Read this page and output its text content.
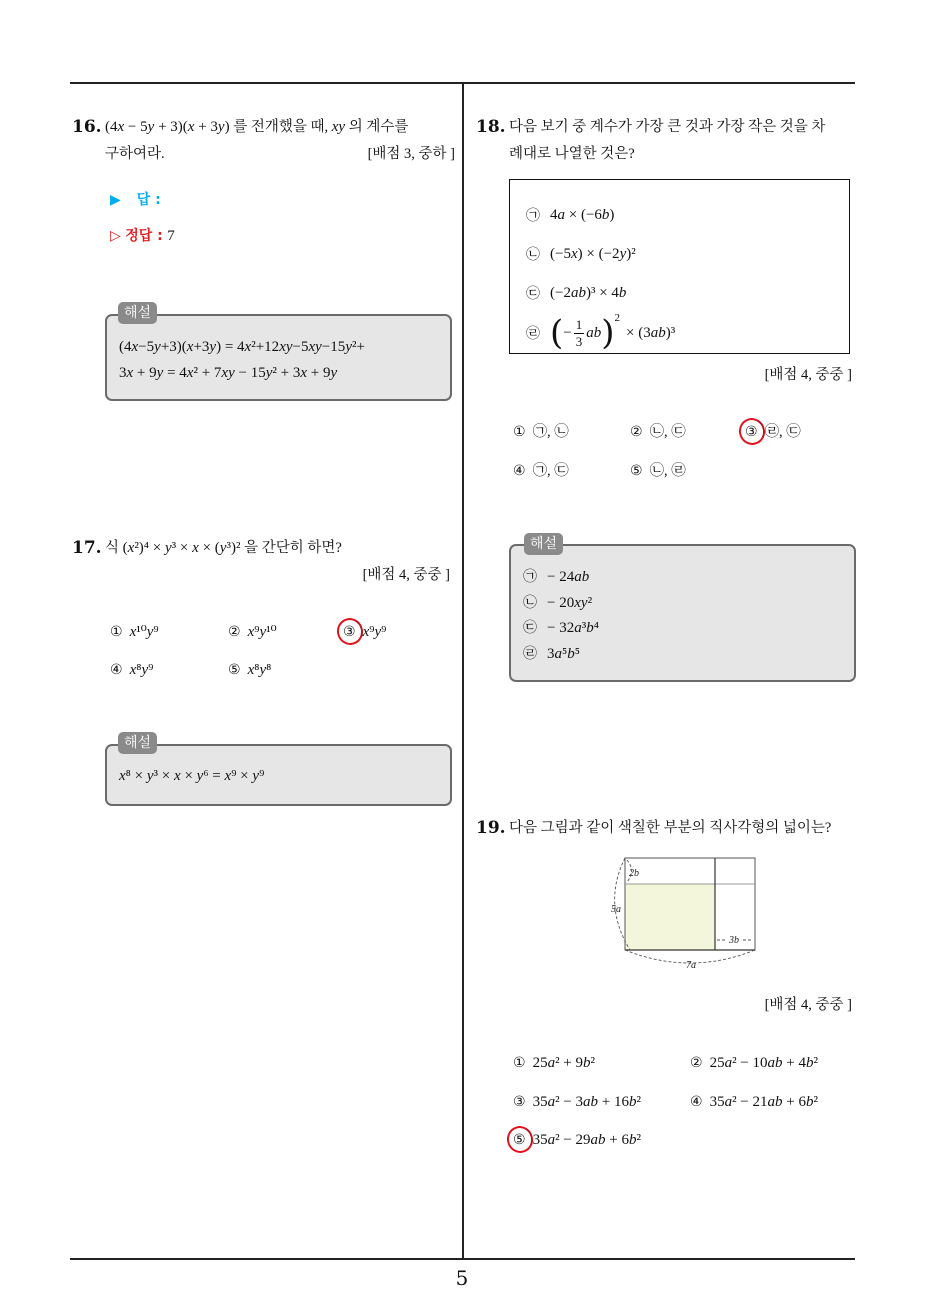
5
16. (4x − 5y + 3)(x + 3y) 를 전개했을 때, xy 의 계수를
구하여라.	[배점 3, 중하 ]
▶ 답 :
▷ 정답 : 7
(4x−5y+3)(x+3y) = 4x²+12xy−5xy−15y²+
3x + 9y = 4x² + 7xy − 15y² + 3x + 9y
해설
17. 식 (x²)⁴ × y³ × x × (y³)² 을 간단히 하면?
[배점 4, 중중 ]
① x¹⁰y⁹	② x⁹y¹⁰	③ x⁹y⁹
④ x⁸y⁹	⑤ x⁸y⁸
x⁸ × y³ × x × y⁶ = x⁹ × y⁹
해설
18. 다음 보기 중 계수가 가장 큰 것과 가장 작은 것을 차
례대로 나열한 것은?
㉠ 4a × (−6b)
㉡ (−5x) × (−2y)²
㉢ (−2ab)³ × 4b
㉣ ( − $\frac{1}{3}$ ab ) 2
× (3ab)³
[배점 4, 중중 ]
① ㉠, ㉡	② ㉡, ㉢	③ ㉣, ㉢
④ ㉠, ㉢	⑤ ㉡, ㉣
㉠ − 24ab
㉡ − 20xy²
㉢ − 32a³b⁴
㉣ 3a⁵b⁵
해설
19. 다음 그림과 같이 색칠한 부분의 직사각형의 넓이는?
2b
5a
3b
7a
[배점 4, 중중 ]
① 25a² + 9b²	② 25a² − 10ab + 4b²
③ 35a² − 3ab + 16b²	④ 35a² − 21ab + 6b²
⑤ 35a² − 29ab + 6b²
